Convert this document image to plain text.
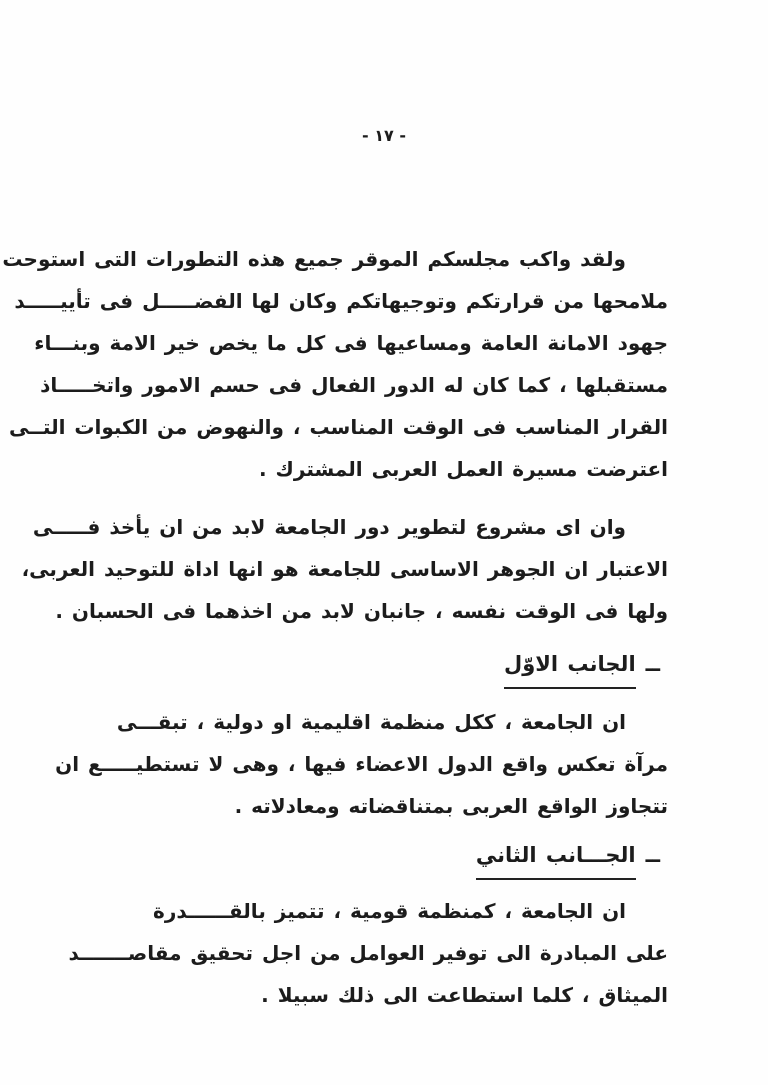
- ١٧ -
ولقد واكب مجلسكم الموقر جميع هذه التطورات التى استوحت
ملامحها من قرارتكم وتوجيهاتكم وكان لها الفضـــــل فى تأييـــــد
جهود الامانة العامة ومساعيها فى كل ما يخص خير الامة وبنـــاء
مستقبلها ، كما كان له الدور الفعال فى حسم الامور واتخـــــاذ
القرار المناسب فى الوقت المناسب ، والنهوض من الكبوات التــى
اعترضت مسيرة العمل العربى المشترك .
وان اى مشروع لتطوير دور الجامعة لابد من ان يأخذ فـــــى
الاعتبار ان الجوهر الاساسى للجامعة هو انها اداة للتوحيد العربى،
ولها فى الوقت نفسه ، جانبان لابد من اخذهما فى الحسبان .
ــالجانب الاوّل
ان الجامعة ، ككل منظمة اقليمية او دولية ، تبقـــى
مرآة تعكس واقع الدول الاعضاء فيها ، وهى لا تستطيـــــع ان
تتجاوز الواقع العربى بمتناقضاته ومعادلاته .
ــالجـــانب الثاني
ان الجامعة ، كمنظمة قومية ، تتميز بالقــــــدرة
على المبادرة الى توفير العوامل من اجل تحقيق مقاصـــــــد
الميثاق ، كلما استطاعت الى ذلك سبيلا .
